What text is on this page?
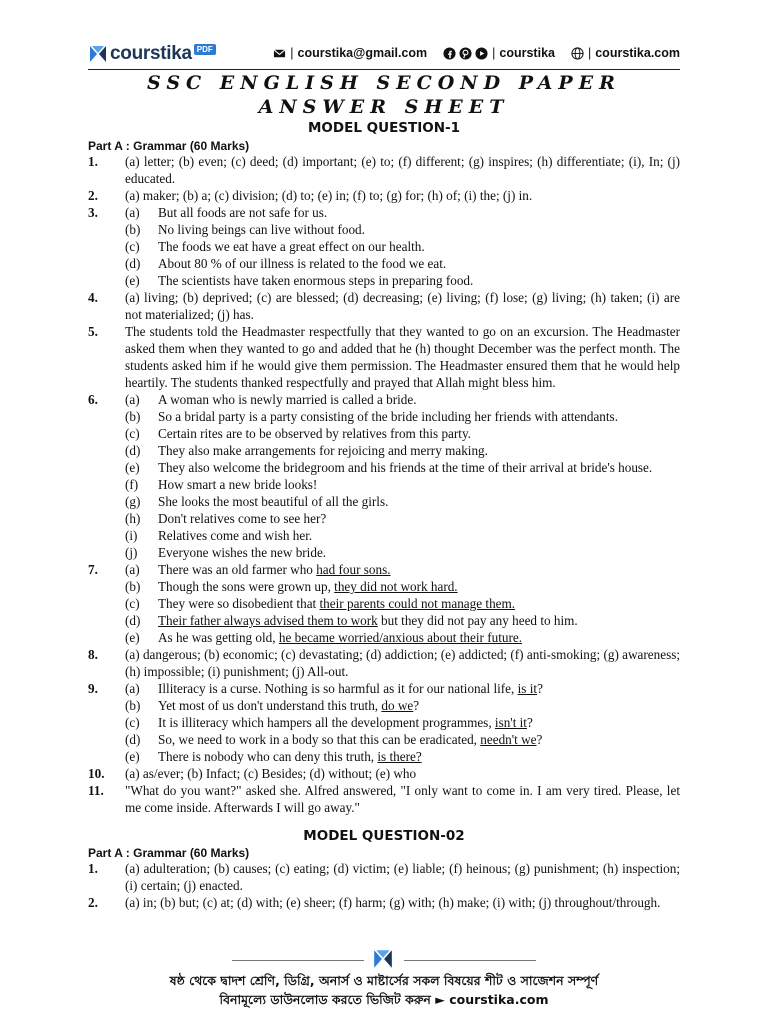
courstika PDF	| courstika@gmail.com	| courstika	| courstika.com
SSC ENGLISH SECOND PAPER
ANSWER SHEET
MODEL QUESTION-1
Part A : Grammar (60 Marks)
1. (a) letter; (b) even; (c) deed; (d) important; (e) to; (f) different; (g) inspires; (h) differentiate; (i), In; (j) educated.
2. (a) maker; (b) a; (c) division; (d) to; (e) in; (f) to; (g) for; (h) of; (i) the; (j) in.
3.
(a) But all foods are not safe for us.
(b) No living beings can live without food.
(c) The foods we eat have a great effect on our health.
(d) About 80 % of our illness is related to the food we eat.
(e) The scientists have taken enormous steps in preparing food.
4. (a) living; (b) deprived; (c) are blessed; (d) decreasing; (e) living; (f) lose; (g) living; (h) taken; (i) are not materialized; (j) has.
5. The students told the Headmaster respectfully that they wanted to go on an excursion. The Headmaster asked them when they wanted to go and added that he (h) thought December was the perfect month. The students asked him if he would give them permission. The Headmaster ensured them that he would help heartily. The students thanked respectfully and prayed that Allah might bless him.
6.
(a) A woman who is newly married is called a bride.
(b) So a bridal party is a party consisting of the bride including her friends with attendants.
(c) Certain rites are to be observed by relatives from this party.
(d) They also make arrangements for rejoicing and merry making.
(e) They also welcome the bridegroom and his friends at the time of their arrival at bride's house.
(f) How smart a new bride looks!
(g) She looks the most beautiful of all the girls.
(h) Don't relatives come to see her?
(i) Relatives come and wish her.
(j) Everyone wishes the new bride.
7.
(a) There was an old farmer who had four sons.
(b) Though the sons were grown up, they did not work hard.
(c) They were so disobedient that their parents could not manage them.
(d) Their father always advised them to work but they did not pay any heed to him.
(e) As he was getting old, he became worried/anxious about their future.
8. (a) dangerous; (b) economic; (c) devastating; (d) addiction; (e) addicted; (f) anti-smoking; (g) awareness; (h) impossible; (i) punishment; (j) All-out.
9.
(a) Illiteracy is a curse. Nothing is so harmful as it for our national life, is it?
(b) Yet most of us don't understand this truth, do we?
(c) It is illiteracy which hampers all the development programmes, isn't it?
(d) So, we need to work in a body so that this can be eradicated, needn't we?
(e) There is nobody who can deny this truth, is there?
10. (a) as/ever; (b) Infact; (c) Besides; (d) without; (e) who
11. "What do you want?" asked she. Alfred answered, "I only want to come in. I am very tired. Please, let me come inside. Afterwards I will go away."
MODEL QUESTION-02
Part A : Grammar (60 Marks)
1. (a) adulteration; (b) causes; (c) eating; (d) victim; (e) liable; (f) heinous; (g) punishment; (h) inspection; (i) certain; (j) enacted.
2. (a) in; (b) but; (c) at; (d) with; (e) sheer; (f) harm; (g) with; (h) make; (i) with; (j) throughout/through.
ষষ্ঠ থেকে দ্বাদশ শ্রেণি, ডিগ্রি, অনার্স ও মাষ্টার্সের সকল বিষয়ের শীট ও সাজেশন সম্পূর্ণ
বিনামূল্যে ডাউনলোড করতে ভিজিট করুন ► courstika.com
